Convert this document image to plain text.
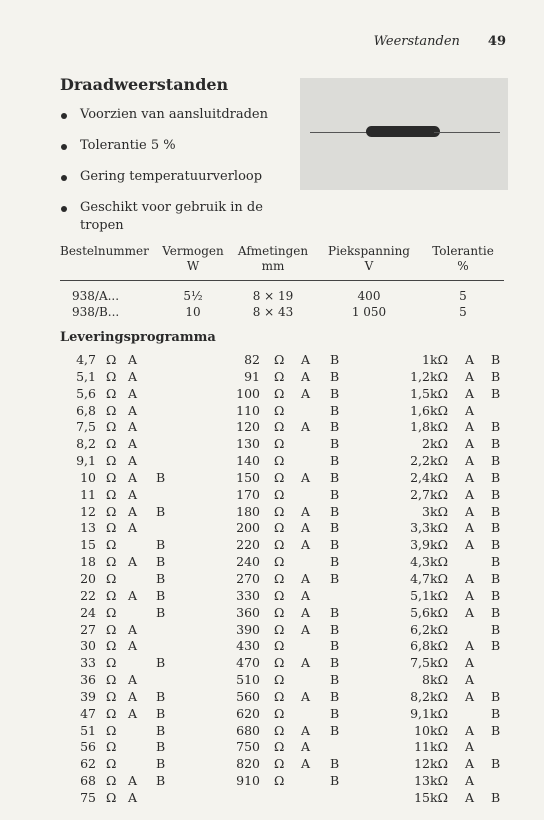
Weerstanden 49
Draadweerstanden
Voorzien van aansluitdraden
Tolerantie 5 %
Gering temperatuurverloop
Geschikt voor gebruik in de tropen
Bestelnummer	Vermogen	Afmetingen	Piekspanning	Tolerantie
W	mm	V	%
938/A...	5½	8 × 19	400	5
938/B...	10	8 × 43	1 050	5
Leveringsprogramma
4,7 Ω A
5,1 Ω A
5,6 Ω A
6,8 Ω A
7,5 Ω A
8,2 Ω A
9,1 Ω A
10 Ω A B
11 Ω A
12 Ω A B
13 Ω A
15 Ω	B
18 Ω A B
20 Ω	B
22 Ω A B
24 Ω	B
27 Ω A
30 Ω A
33 Ω	B
36 Ω A
39 Ω A B
47 Ω A B
51 Ω	B
56 Ω	B
62 Ω	B
68 Ω A B
75 Ω A
82 Ω A B
91 Ω A B
100 Ω A B
110 Ω	B
120 Ω A B
130 Ω	B
140 Ω	B
150 Ω A B
170 Ω	B
180 Ω A B
200 Ω A B
220 Ω A B
240 Ω	B
270 Ω A B
330 Ω A
360 Ω A B
390 Ω A B
430 Ω	B
470 Ω A B
510 Ω	B
560 Ω A B
620 Ω	B
680 Ω A B
750 Ω A
820 Ω A B
910 Ω	B
1 kΩ A B
1,2 kΩ A B
1,5 kΩ A B
1,6 kΩ A
1,8 kΩ A B
2 kΩ A B
2,2 kΩ A B
2,4 kΩ A B
2,7 kΩ A B
3 kΩ A B
3,3 kΩ A B
3,9 kΩ A B
4,3 kΩ	B
4,7 kΩ A B
5,1 kΩ A B
5,6 kΩ A B
6,2 kΩ	B
6,8 kΩ A B
7,5 kΩ A
8 kΩ A
8,2 kΩ A B
9,1 kΩ	B
10 kΩ A B
11 kΩ A
12 kΩ A B
13 kΩ A
15 kΩ A B
